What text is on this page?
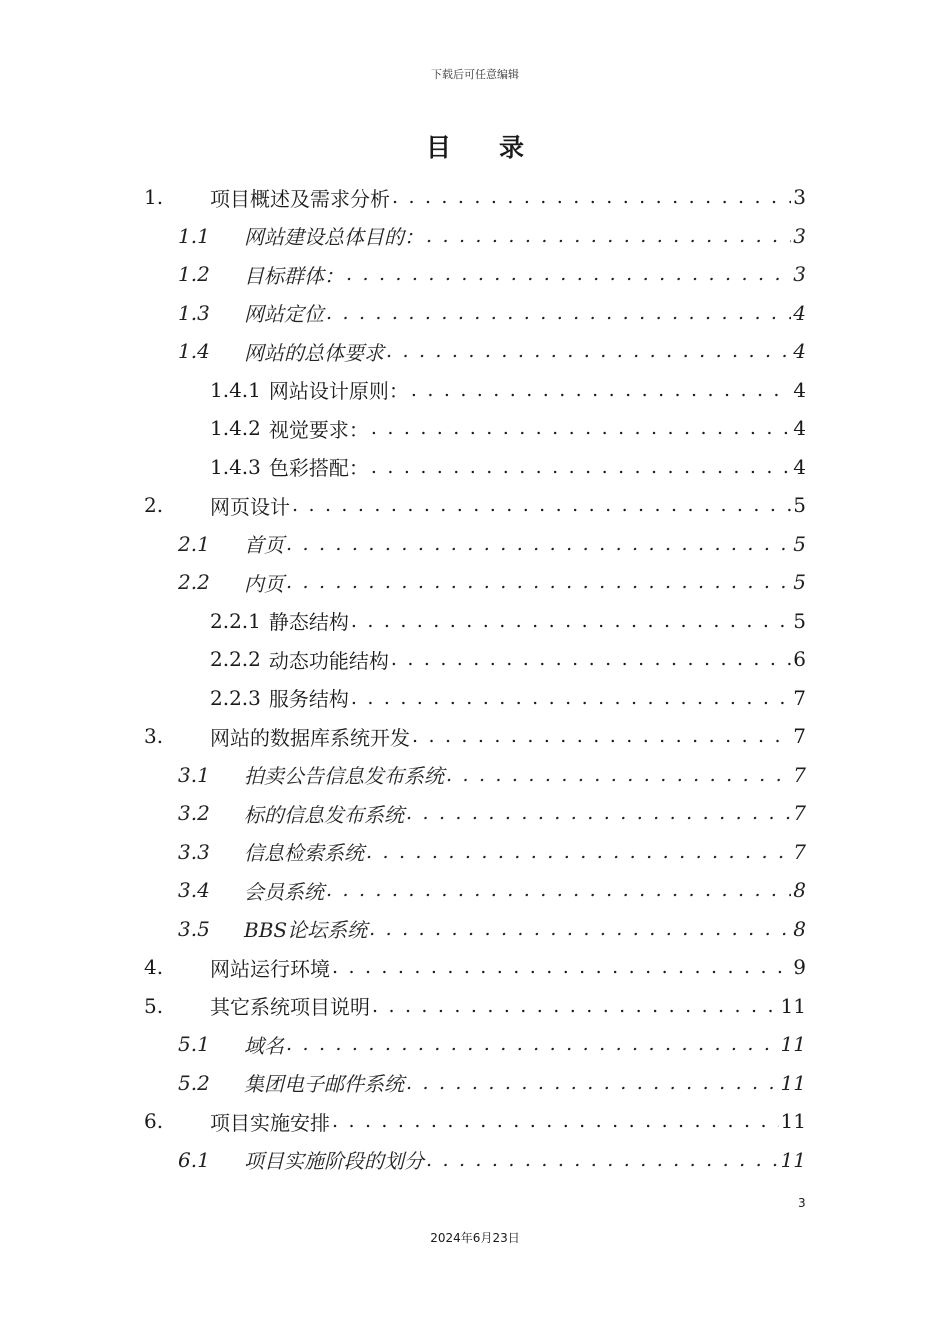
下载后可任意编辑
目录
1.	项目概述及需求分析 . . .	3
1.1	网站建设总体目的： . . .	3
1.2	目标群体： . . .	3
1.3	网站定位 . . .	4
1.4	网站的总体要求 . . .	4
1.4.1 网站设计原则： . . .	4
1.4.2 视觉要求： . . .	4
1.4.3 色彩搭配： . . .	4
2.	网页设计 . . .	5
2.1	首页 . . .	5
2.2	内页 . . .	5
2.2.1 静态结构 . . .	5
2.2.2 动态功能结构 . . .	6
2.2.3 服务结构 . . .	7
3.	网站的数据库系统开发 . . .	7
3.1	拍卖公告信息发布系统 . . .	7
3.2	标的信息发布系统 . . .	7
3.3	信息检索系统 . . .	7
3.4	会员系统 . . .	8
3.5	BBS论坛系统 . . .	8
4.	网站运行环境 . . .	9
5.	其它系统项目说明 . . .	11
5.1	域名 . . .	11
5.2	集团电子邮件系统 . . .	11
6.	项目实施安排 . . .	11
6.1	项目实施阶段的划分 . . .	11
3
2024年6月23日
